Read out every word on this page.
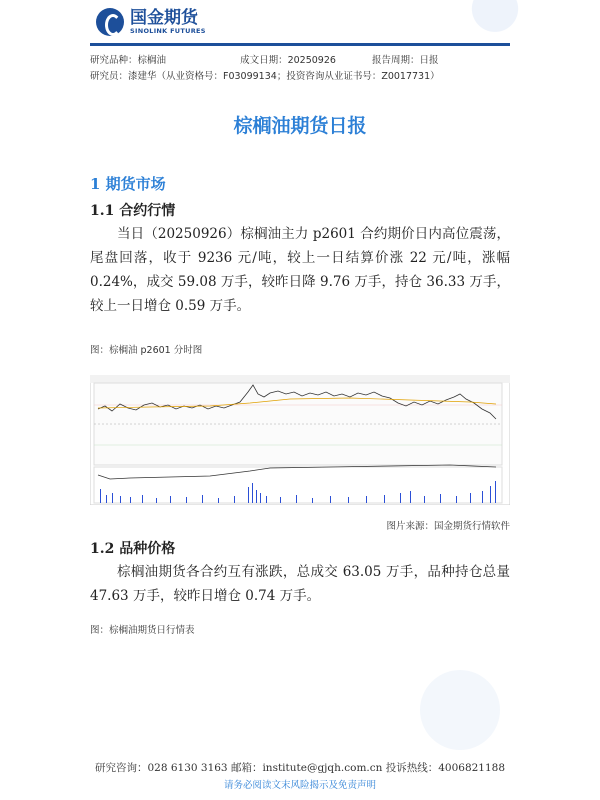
国金期货
SINOLINK FUTURES
研究品种：棕榈油	成文日期：20250926	报告周期：日报
研究员：漆建华（从业资格号：F03099134；投资咨询从业证书号：Z0017731）
棕榈油期货日报
1 期货市场
1.1 合约行情
当日（20250926）棕榈油主力 p2601 合约期价日内高位震荡，尾盘回落，收于 9236 元/吨，较上一日结算价涨 22 元/吨，涨幅 0.24%，成交 59.08 万手，较昨日降 9.76 万手，持仓 36.33 万手，较上一日增仓 0.59 万手。
图：棕榈油 p2601 分时图
图片来源：国金期货行情软件
1.2 品种价格
棕榈油期货各合约互有涨跌，总成交 63.05 万手，品种持仓总量 47.63 万手，较昨日增仓 0.74 万手。
图：棕榈油期货日行情表
研究咨询：028 6130 3163 邮箱：institute@gjqh.com.cn 投诉热线：4006821188
请务必阅读文末风险揭示及免责声明
